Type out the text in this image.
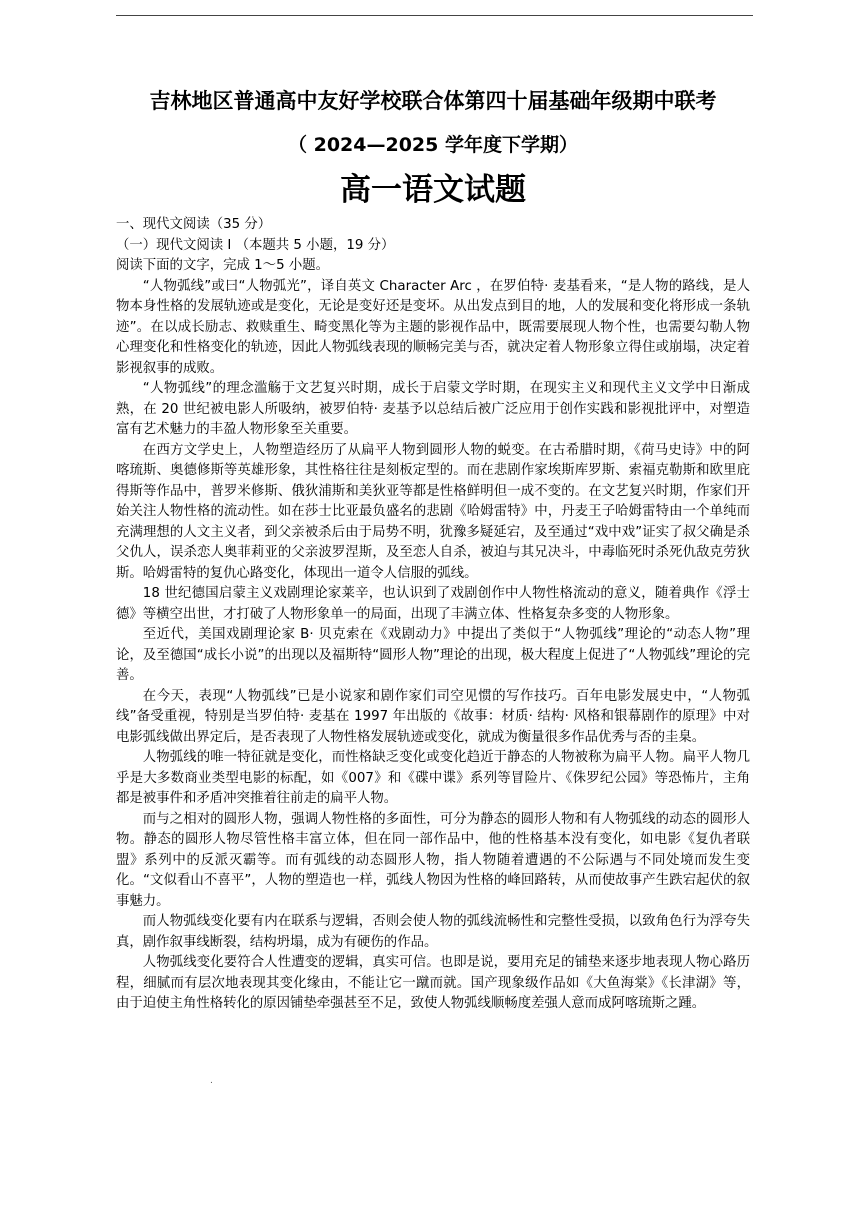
吉林地区普通高中友好学校联合体第四十届基础年级期中联考
（ 2024—2025 学年度下学期）
高一语文试题

一、现代文阅读（35 分）

（一）现代文阅读 I （本题共 5 小题，19 分）

阅读下面的文字，完成 1～5 小题。

“人物弧线”或曰“人物弧光”，译自英文 Character Arc ，在罗伯特· 麦基看来，“是人物的路线，是人物本身性格的发展轨迹或是变化，无论是变好还是变坏。从出发点到目的地，人的发展和变化将形成一条轨迹”。在以成长励志、救赎重生、畸变黑化等为主题的影视作品中，既需要展现人物个性，也需要勾勒人物心理变化和性格变化的轨迹，因此人物弧线表现的顺畅完美与否，就决定着人物形象立得住或崩塌，决定着影视叙事的成败。

“人物弧线”的理念滥觞于文艺复兴时期，成长于启蒙文学时期，在现实主义和现代主义文学中日渐成熟，在 20 世纪被电影人所吸纳，被罗伯特· 麦基予以总结后被广泛应用于创作实践和影视批评中，对塑造富有艺术魅力的丰盈人物形象至关重要。

在西方文学史上，人物塑造经历了从扁平人物到圆形人物的蜕变。在古希腊时期，《荷马史诗》中的阿喀琉斯、奥德修斯等英雄形象，其性格往往是刻板定型的。而在悲剧作家埃斯库罗斯、索福克勒斯和欧里庇得斯等作品中，普罗米修斯、俄狄浦斯和美狄亚等都是性格鲜明但一成不变的。在文艺复兴时期，作家们开始关注人物性格的流动性。如在莎士比亚最负盛名的悲剧《哈姆雷特》中，丹麦王子哈姆雷特由一个单纯而充满理想的人文主义者，到父亲被杀后由于局势不明，犹豫多疑延宕，及至通过“戏中戏”证实了叔父确是杀父仇人，误杀恋人奥菲莉亚的父亲波罗涅斯，及至恋人自杀，被迫与其兄决斗，中毒临死时杀死仇敌克劳狄斯。哈姆雷特的复仇心路变化，体现出一道令人信服的弧线。

18 世纪德国启蒙主义戏剧理论家莱辛，也认识到了戏剧创作中人物性格流动的意义，随着典作《浮士德》等横空出世，才打破了人物形象单一的局面，出现了丰满立体、性格复杂多变的人物形象。

至近代，美国戏剧理论家 B· 贝克索在《戏剧动力》中提出了类似于“人物弧线”理论的“动态人物”理论，及至德国“成长小说”的出现以及福斯特“圆形人物”理论的出现，极大程度上促进了“人物弧线”理论的完善。

在今天，表现“人物弧线”已是小说家和剧作家们司空见惯的写作技巧。百年电影发展史中，“人物弧线”备受重视，特别是当罗伯特· 麦基在 1997 年出版的《故事：材质· 结构· 风格和银幕剧作的原理》中对电影弧线做出界定后，是否表现了人物性格发展轨迹或变化，就成为衡量很多作品优秀与否的圭臬。

人物弧线的唯一特征就是变化，而性格缺乏变化或变化趋近于静态的人物被称为扁平人物。扁平人物几乎是大多数商业类型电影的标配，如《007》和《碟中谍》系列等冒险片、《侏罗纪公园》等恐怖片，主角都是被事件和矛盾冲突推着往前走的扁平人物。

而与之相对的圆形人物，强调人物性格的多面性，可分为静态的圆形人物和有人物弧线的动态的圆形人物。静态的圆形人物尽管性格丰富立体，但在同一部作品中，他的性格基本没有变化，如电影《复仇者联盟》系列中的反派灭霸等。而有弧线的动态圆形人物，指人物随着遭遇的不公际遇与不同处境而发生变化。“文似看山不喜平”，人物的塑造也一样，弧线人物因为性格的峰回路转，从而使故事产生跌宕起伏的叙事魅力。

而人物弧线变化要有内在联系与逻辑，否则会使人物的弧线流畅性和完整性受损，以致角色行为浮夸失真，剧作叙事线断裂，结构坍塌，成为有硬伤的作品。

人物弧线变化要符合人性遭变的逻辑，真实可信。也即是说，要用充足的铺垫来逐步地表现人物心路历程，细腻而有层次地表现其变化缘由，不能让它一蹴而就。国产现象级作品如《大鱼海棠》《长津湖》等，由于迫使主角性格转化的原因铺垫牵强甚至不足，致使人物弧线顺畅度差强人意而成阿喀琉斯之踵。

.
